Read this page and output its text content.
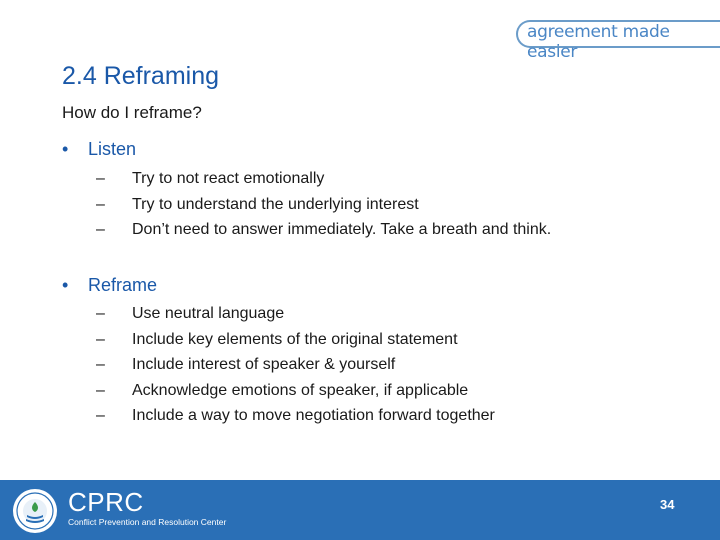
agreement made easier
2.4 Reframing
How do I reframe?
•	Listen
–	Try to not react emotionally
–	Try to understand the underlying interest
–	Don’t need to answer immediately. Take a breath and think.
•	Reframe
–	Use neutral language
–	Include key elements of the original statement
–	Include interest of speaker & yourself
–	Acknowledge emotions of speaker, if applicable
–	Include a way to move negotiation forward together
CPRC
Conflict Prevention and Resolution Center
34
